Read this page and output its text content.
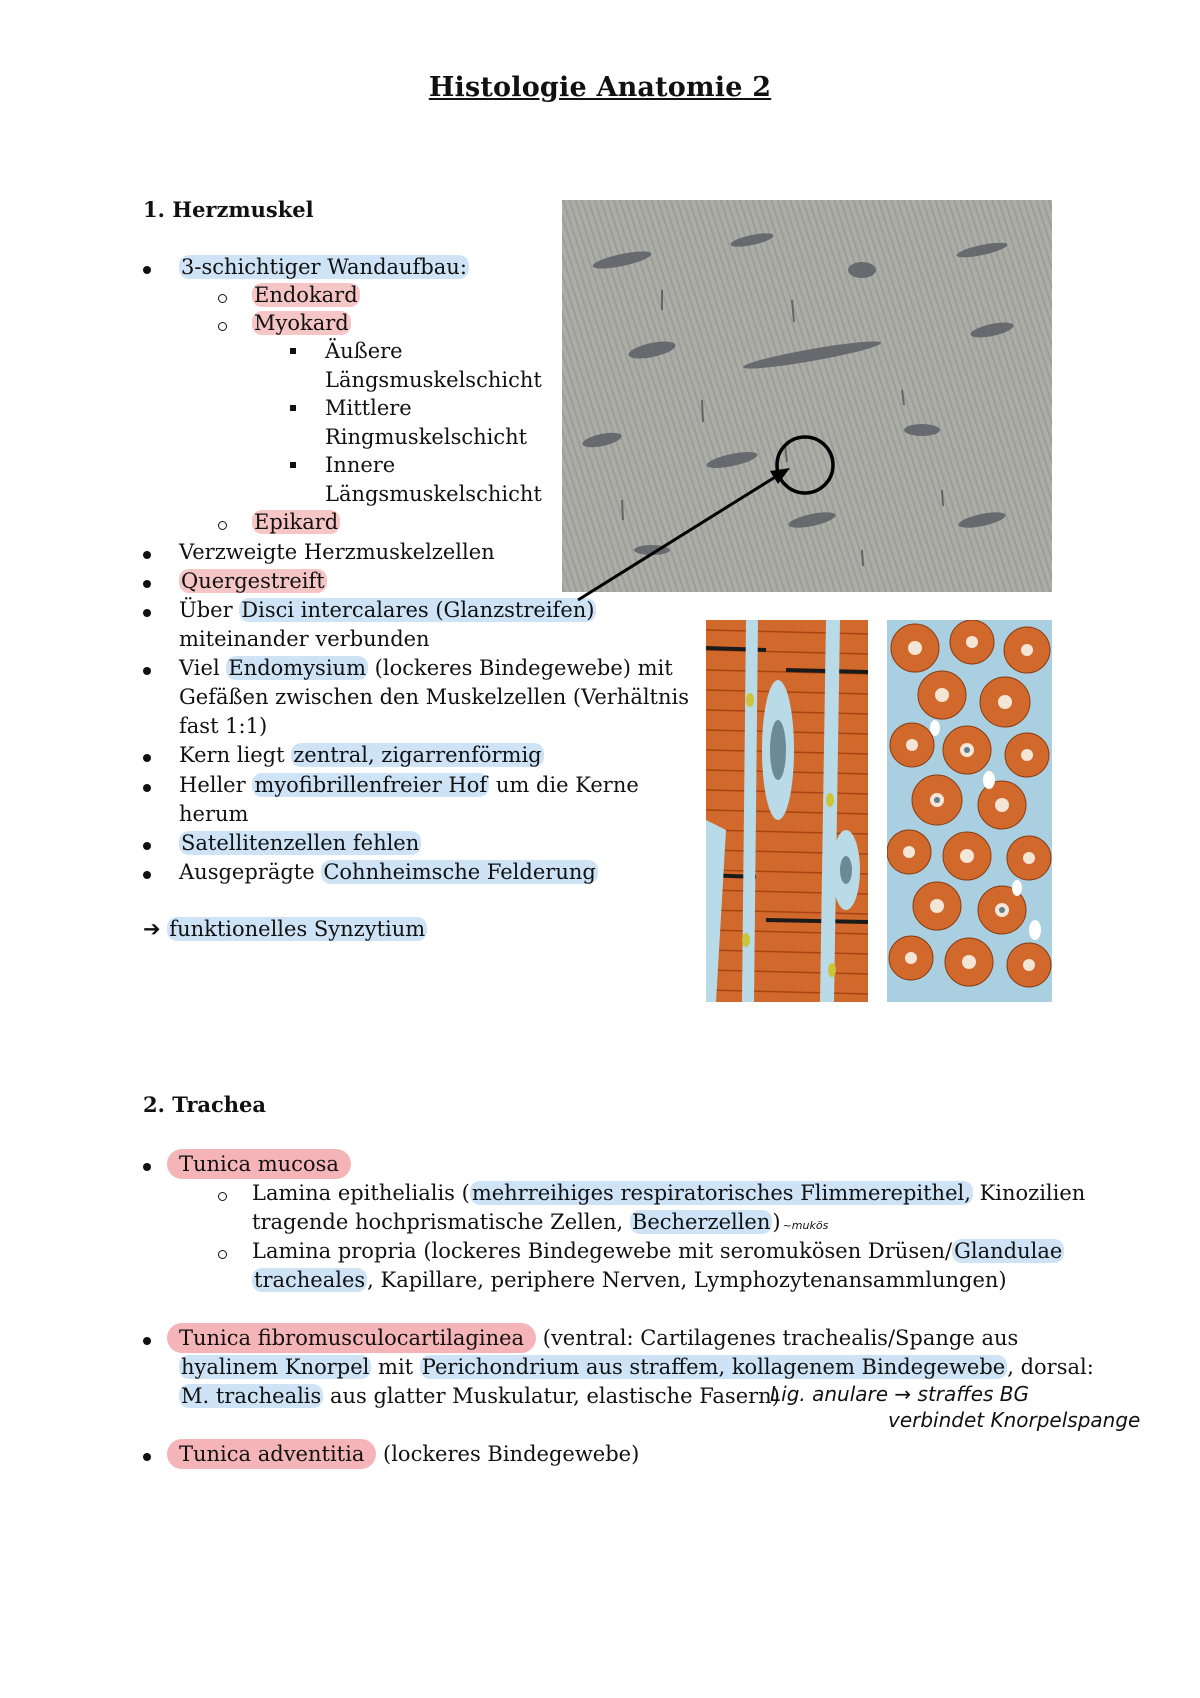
Histologie Anatomie 2
1. Herzmuskel
3-schichtiger Wandaufbau:
Endokard
Myokard
Äußere
Längsmuskelschicht
Mittlere
Ringmuskelschicht
Innere
Längsmuskelschicht
Epikard
Verzweigte Herzmuskelzellen
Quergestreift
Über Disci intercalares (Glanzstreifen)
miteinander verbunden
Viel Endomysium (lockeres Bindegewebe) mit
Gefäßen zwischen den Muskelzellen (Verhältnis
fast 1:1)
Kern liegt zentral, zigarrenförmig
Heller myofibrillenfreier Hof um die Kerne
herum
Satellitenzellen fehlen
Ausgeprägte Cohnheimsche Felderung
➔ funktionelles Synzytium
2. Trachea
Tunica mucosa
Lamina epithelialis (mehrreihiges respiratorisches Flimmerepithel, Kinozilien
tragende hochprismatische Zellen, Becherzellen) ~mukös
Lamina propria (lockeres Bindegewebe mit seromukösen Drüsen/Glandulae
tracheales, Kapillare, periphere Nerven, Lymphozytenansammlungen)
Tunica fibromusculocartilaginea (ventral: Cartilagenes trachealis/Spange aus
hyalinem Knorpel mit Perichondrium aus straffem, kollagenem Bindegewebe, dorsal:
M. trachealis aus glatter Muskulatur, elastische Fasern)
Lig. anulare → straffes BG
verbindet Knorpelspange
Tunica adventitia (lockeres Bindegewebe)
